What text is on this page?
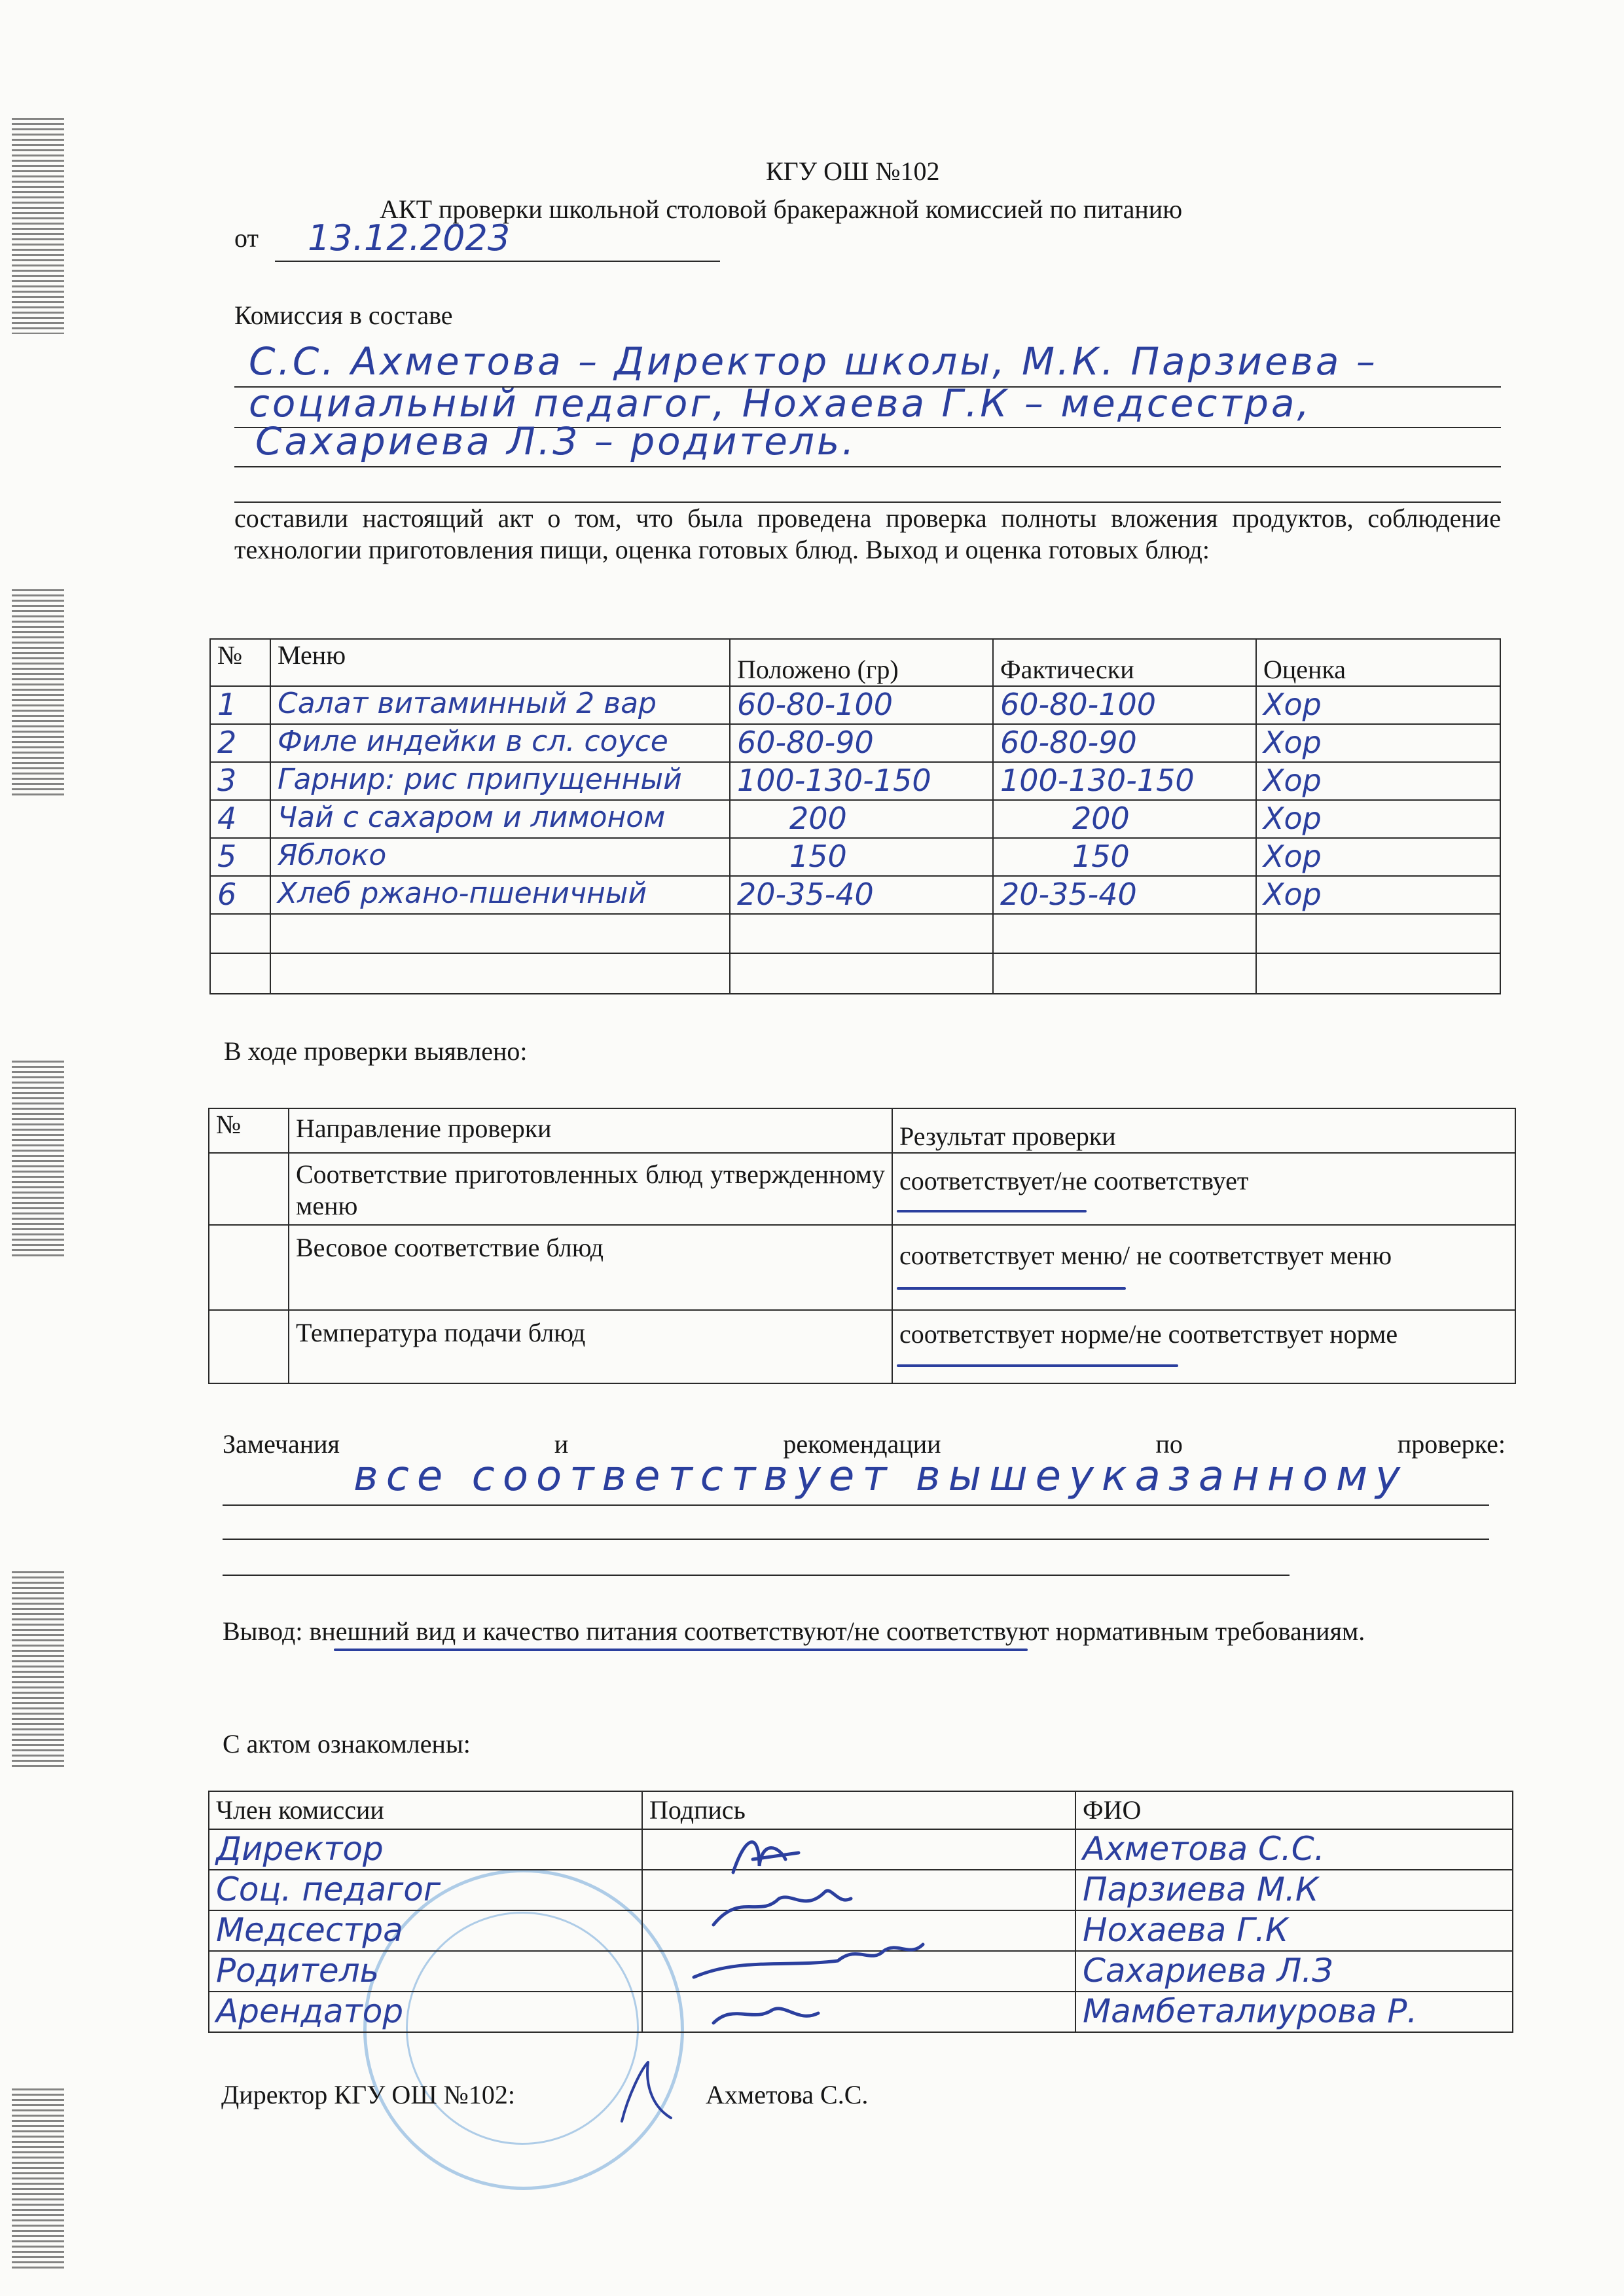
КГУ ОШ №102
АКТ проверки школьной столовой бракеражной комиссией по питанию
от 13.12.2023
Комиссия в составе
С.С. Ахметова – Директор школы, М.К. Парзиева –
социальный педагог, Нохаева Г.К – медсестра,
Сахариева Л.З – родитель.
составили настоящий акт о том, что была проведена проверка полноты вложения продуктов, соблюдение технологии приготовления пищи, оценка готовых блюд. Выход и оценка готовых блюд:
№	Меню	Положено (гр)	Фактически	Оценка
1	Салат витаминный 2 вар	60-80-100	60-80-100	Хор
2	Филе индейки в сл. соусе	60-80-90	60-80-90	Хор
3	Гарнир: рис припущенный	100-130-150	100-130-150	Хор
4	Чай с сахаром и лимоном	200	200	Хор
5	Яблоко	150	150	Хор
6	Хлеб ржано-пшеничный	20-35-40	20-35-40	Хор

В ходе проверки выявлено:
№	Направление проверки	Результат проверки
	Соответствие приготовленных блюд утвержденному меню	соответствует/не соответствует
	Весовое соответствие блюд	соответствует меню/ не соответствует меню
	Температура подачи блюд	соответствует норме/не соответствует норме
Замечания и рекомендации по проверке:
все соответствует вышеуказанному
Вывод: внешний вид и качество питания соответствуют/не соответствуют нормативным требованиям.
С актом ознакомлены:
Член комиссии	Подпись	ФИО
Директор		Ахметова С.С.
Соц. педагог		Парзиева М.К
Медсестра		Нохаева Г.К
Родитель		Сахариева Л.З
Арендатор		Мамбеталиурова Р.
Директор КГУ ОШ №102:	Ахметова С.С.
